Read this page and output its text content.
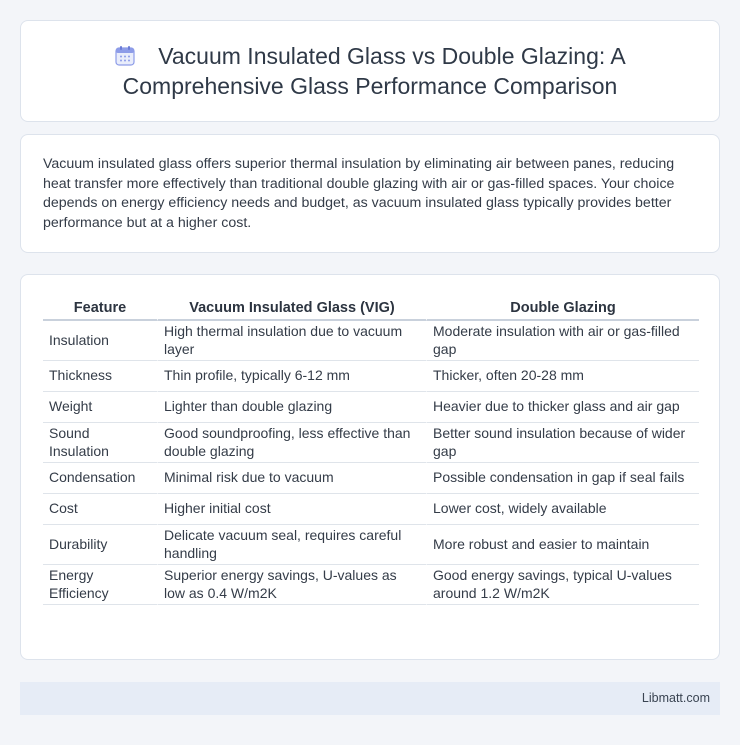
Vacuum Insulated Glass vs Double Glazing: A Comprehensive Glass Performance Comparison

Vacuum insulated glass offers superior thermal insulation by eliminating air between panes, reducing heat transfer more effectively than traditional double glazing with air or gas-filled spaces. Your choice depends on energy efficiency needs and budget, as vacuum insulated glass typically provides better performance but at a higher cost.

Feature	Vacuum Insulated Glass (VIG)	Double Glazing
Insulation	High thermal insulation due to vacuum layer	Moderate insulation with air or gas-filled gap
Thickness	Thin profile, typically 6-12 mm	Thicker, often 20-28 mm
Weight	Lighter than double glazing	Heavier due to thicker glass and air gap
Sound Insulation	Good soundproofing, less effective than double glazing	Better sound insulation because of wider gap
Condensation	Minimal risk due to vacuum	Possible condensation in gap if seal fails
Cost	Higher initial cost	Lower cost, widely available
Durability	Delicate vacuum seal, requires careful handling	More robust and easier to maintain
Energy Efficiency	Superior energy savings, U-values as low as 0.4 W/m2K	Good energy savings, typical U-values around 1.2 W/m2K
Libmatt.com
